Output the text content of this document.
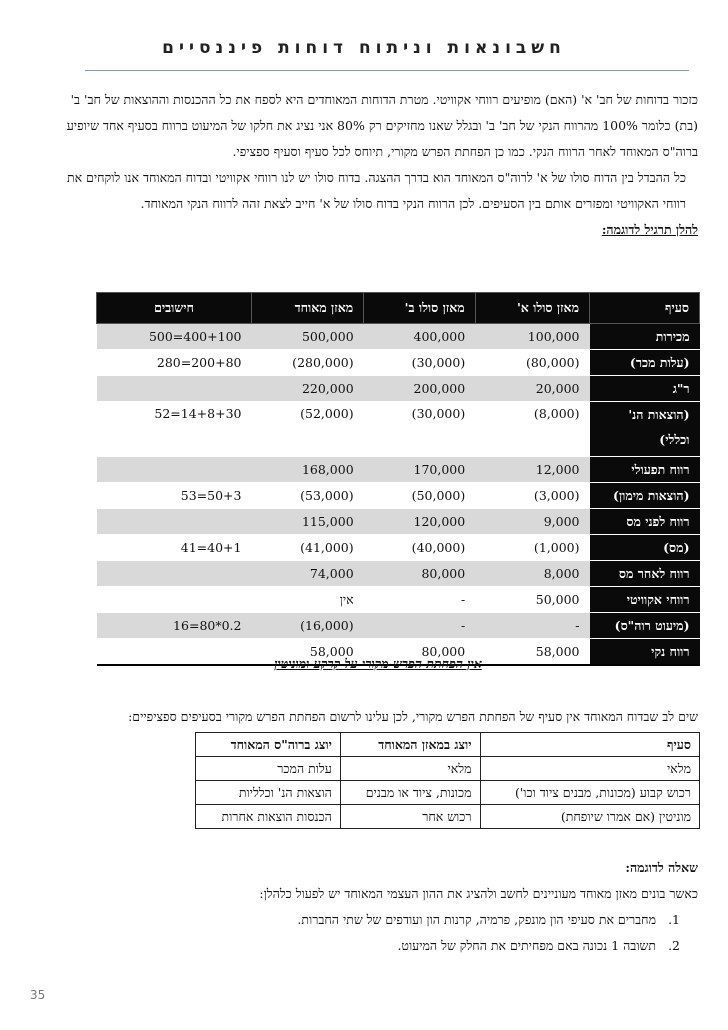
חשבונאות וניתוח דוחות פיננסיים

כזכור בדוחות של חב' א' (האם) מופיעים רווחי אקוויטי. מטרת הדוחות המאוחדים היא לספח את כל ההכנסות וההוצאות של חב' ב' (בת) כלומר 100% מהרווח הנקי של חב' ב' ובגלל שאנו מחזיקים רק 80% אני נציג את חלקו של המיעוט ברווח בסעיף אחד שיופיע ברוה"ס המאוחד לאחר הרווח הנקי. כמו כן הפחתת הפרש מקורי, תיוחס לכל סעיף וסעיף ספציפי.

כל ההבדל בין הדוח סולו של א' לרוה"ס המאוחד הוא בדרך ההצגה. בדוח סולו יש לנו רווחי אקוויטי ובדוח המאוחד אנו לוקחים את רווחי האקוויטי ומפזרים אותם בין הסעיפים. לכן הרווח הנקי בדוח סולו של א' חייב לצאת זהה לרווח הנקי המאוחד.

להלן תרגיל לדוגמה:

סעיף	מאזן סולו א'	מאזן סולו ב'	מאזן מאוחד	חישובים
מכירות	100,000	400,000	500,000	400+100=500
(עלות מכר)	(80,000)	(30,000)	(280,000)	200+80=280
ר"ג	20,000	200,000	220,000	
(הוצאות הנ' וכללי)	(8,000)	(30,000)	(52,000)	14+8+30=52
רווח תפעולי	12,000	170,000	168,000	
(הוצאות מימון)	(3,000)	(50,000)	(53,000)	50+3=53
רווח לפני מס	9,000	120,000	115,000	
(מס)	(1,000)	(40,000)	(41,000)	40+1=41
רווח לאחר מס	8,000	80,000	74,000	
רווחי אקוויטי	50,000	-	אין	
(מיעוט רוה"ס)	-	-	(16,000)	0.2*80=16
רווח נקי	58,000	80,000	58,000	
אין הפחתת הפרש מקורי על קרקע ומוניטין

שים לב שבדוח המאוחד אין סעיף של הפחתת הפרש מקורי, לכן עלינו לרשום הפחתת הפרש מקורי בסעיפים ספציפיים:

סעיף	יוצג במאזן המאוחד	יוצג ברוה"ס המאוחד
מלאי	מלאי	עלות המכר
רכוש קבוע (מכונות, מבנים ציוד וכו')	מכונות, ציוד או מבנים	הוצאות הנ' וכלליות
מוניטין (אם אמרו שיופחת)	רכוש אחר	הכנסות הוצאות אחרות

שאלה לדוגמה:

כאשר בונים מאזן מאוחד מעוניינים לחשב ולהציג את ההון העצמי המאוחד יש לפעול כלהלן:

1.מחברים את סעיפי הון מונפק, פרמיה, קרנות הון ועודפים של שתי החברות.
2.תשובה 1 נכונה באם מפחיתים את החלק של המיעוט.
35
